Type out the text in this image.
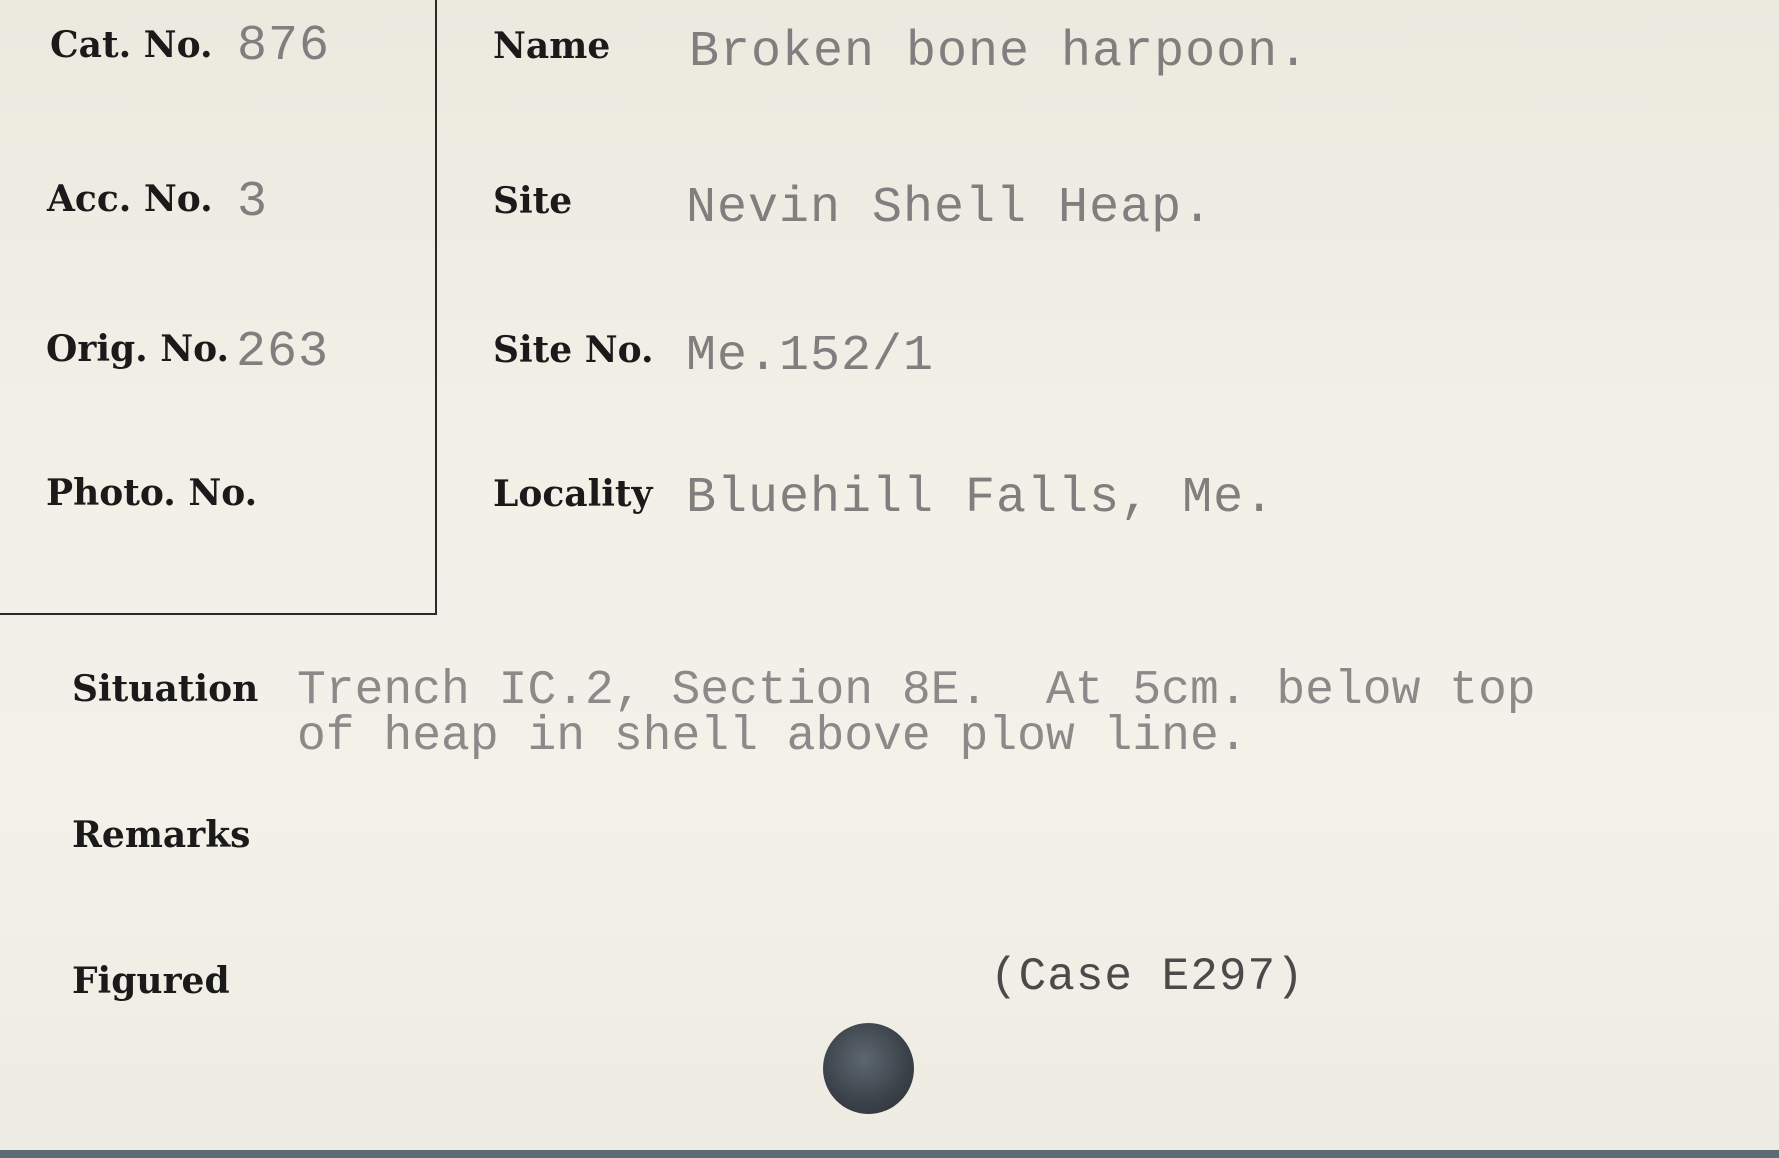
Cat. No. 876
Acc. No. 3
Orig. No. 263
Photo. No.
Name Broken bone harpoon.
Site Nevin Shell Heap.
Site No. Me.152/1
Locality Bluehill Falls, Me.
Situation Trench IC.2, Section 8E.  At 5cm. below top
of heap in shell above plow line.
Remarks
Figured	(Case E297)
